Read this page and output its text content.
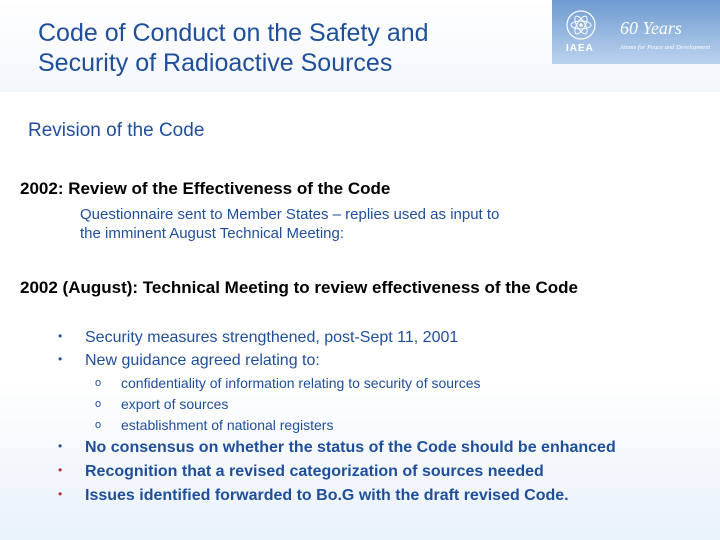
Code of Conduct on the Safety and
Security of Radioactive Sources
IAEA
60 Years
Atoms for Peace and Development
Revision of the Code
2002: Review of the Effectiveness of the Code
Questionnaire sent to Member States – replies used as input to
the imminent August Technical Meeting:
2002 (August): Technical Meeting to review effectiveness of the Code
• Security measures strengthened, post-Sept 11, 2001
• New guidance agreed relating to:
o confidentiality of information relating to security of sources
o export of sources
o establishment of national registers
• No consensus on whether the status of the Code should be enhanced
• Recognition that a revised categorization of sources needed
• Issues identified forwarded to Bo.G with the draft revised Code.
